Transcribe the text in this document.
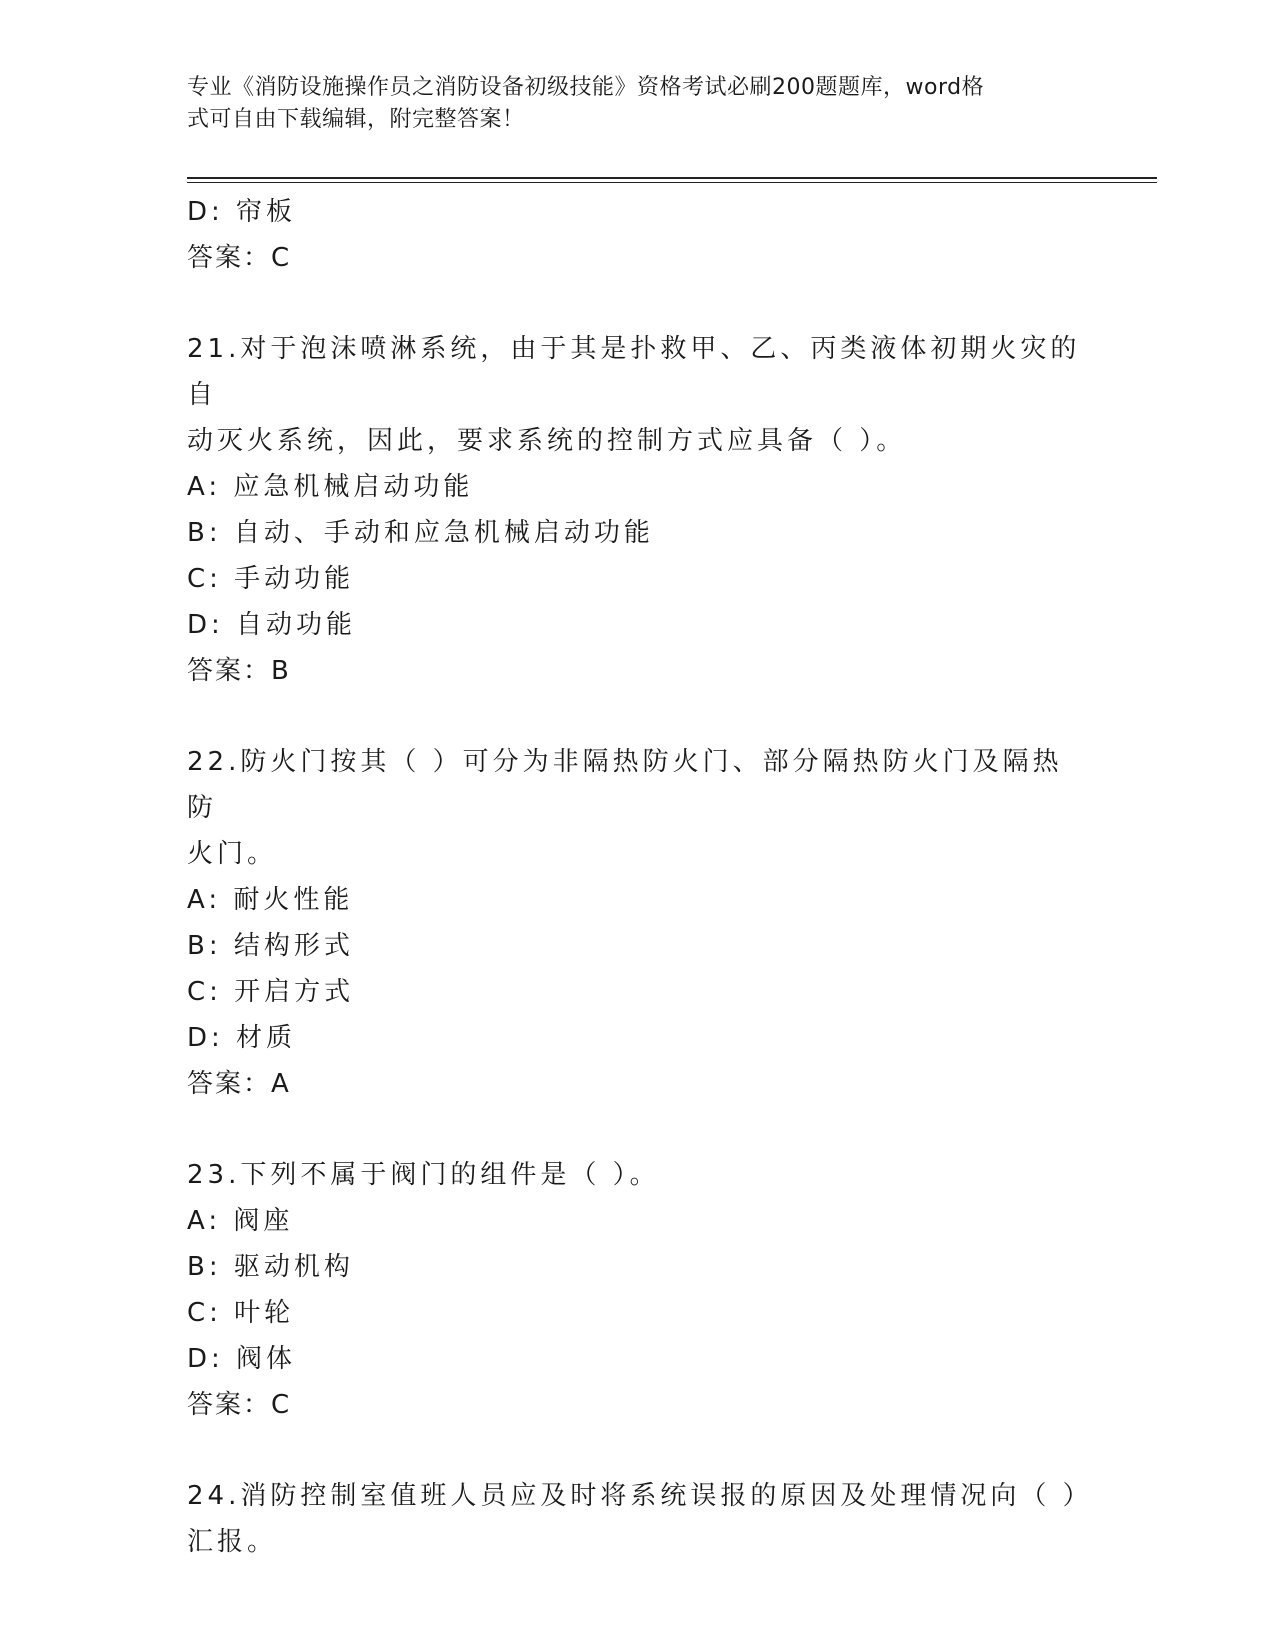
专业《消防设施操作员之消防设备初级技能》资格考试必刷200题题库，word格
式可自由下载编辑，附完整答案！
D: 帘板
答案：C
21.对于泡沫喷淋系统，由于其是扑救甲、乙、丙类液体初期火灾的自
动灭火系统，因此，要求系统的控制方式应具备（ ）。
A: 应急机械启动功能
B: 自动、手动和应急机械启动功能
C: 手动功能
D: 自动功能
答案：B
22.防火门按其（ ）可分为非隔热防火门、部分隔热防火门及隔热防
火门。
A: 耐火性能
B: 结构形式
C: 开启方式
D: 材质
答案：A
23.下列不属于阀门的组件是（ ）。
A: 阀座
B: 驱动机构
C: 叶轮
D: 阀体
答案：C
24.消防控制室值班人员应及时将系统误报的原因及处理情况向（ ）
汇报。
